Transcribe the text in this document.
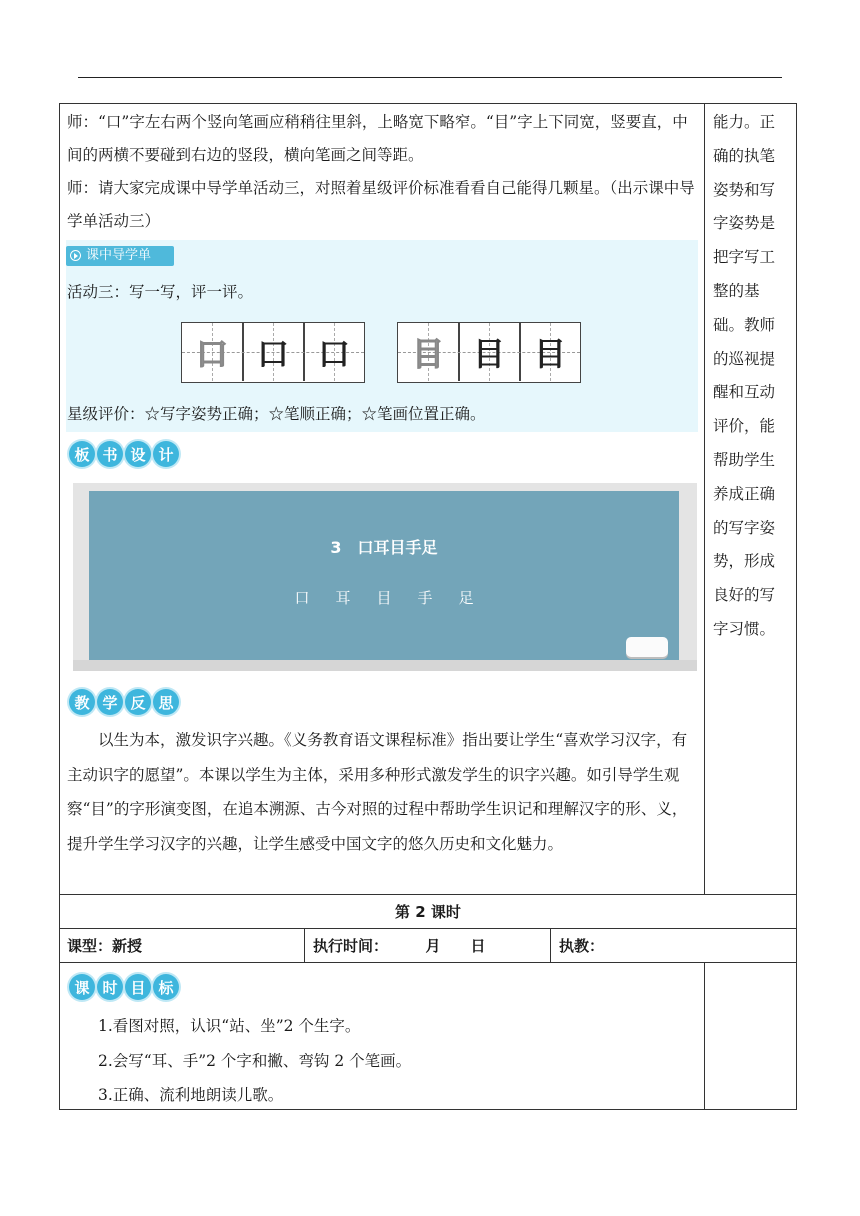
师：“口”字左右两个竖向笔画应稍稍往里斜，上略宽下略窄。“目”字上下同宽，竖要直，中间的两横不要碰到右边的竖段，横向笔画之间等距。

师：请大家完成课中导学单活动三，对照着星级评价标准看看自己能得几颗星。（出示课中导学单活动三）

课中导学单
活动三：写一写，评一评。
口 口 口	目 目 目
星级评价：☆写字姿势正确；☆笔顺正确；☆笔画位置正确。
板 书 设 计
3　口耳目手足
口耳目手足
教 学 反 思
以生为本，激发识字兴趣。《义务教育语文课程标准》指出要让学生“喜欢学习汉字，有主动识字的愿望”。本课以学生为主体，采用多种形式激发学生的识字兴趣。如引导学生观察“目”的字形演变图，在追本溯源、古今对照的过程中帮助学生识记和理解汉字的形、义，提升学生学习汉字的兴趣，让学生感受中国文字的悠久历史和文化魅力。
能力。正确的执笔姿势和写字姿势是把字写工整的基础。教师的巡视提醒和互动评价，能帮助学生养成正确的写字姿势，形成良好的写字习惯。
第 2 课时
课型：新授	执行时间：　　　月　　日	执教：
课 时 目 标

1.看图对照，认识“站、坐”2 个生字。

2.会写“耳、手”2 个字和撇、弯钩 2 个笔画。

3.正确、流利地朗读儿歌。
